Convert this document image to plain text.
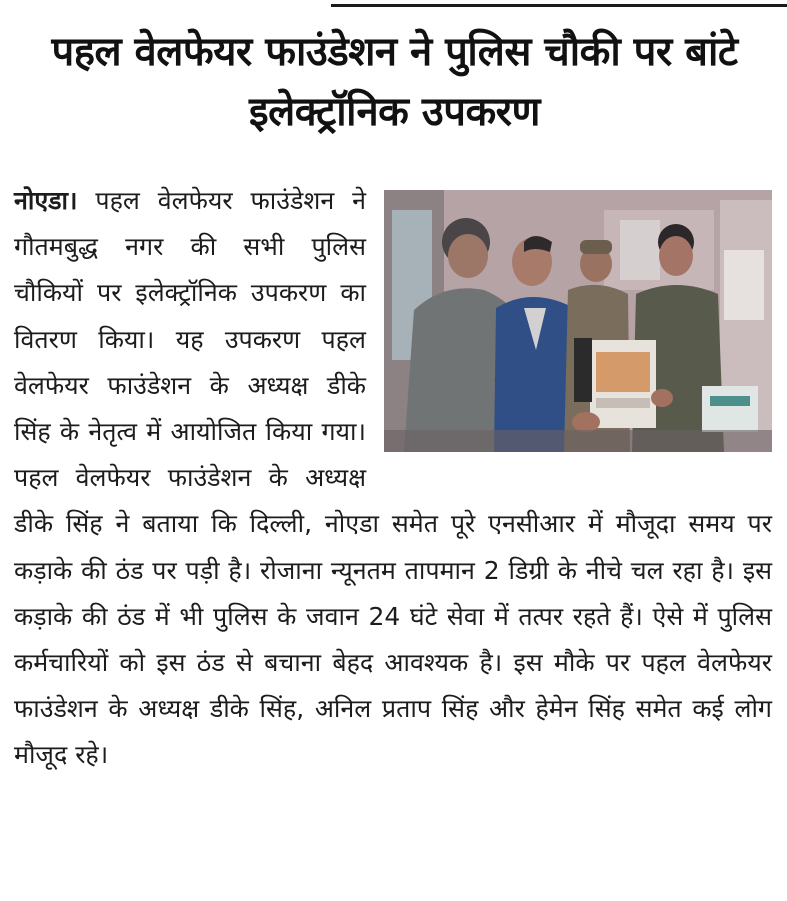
पहल वेलफेयर फाउंडेशन ने पुलिस चौकी पर बांटे इलेक्ट्रॉनिक उपकरण
नोएडा। पहल वेलफेयर फाउंडेशन ने गौतमबुद्ध नगर की सभी पुलिस चौकियों पर इलेक्ट्रॉनिक उपकरण का वितरण किया। यह उपकरण पहल वेलफेयर फाउंडेशन के अध्यक्ष डीके सिंह के नेतृत्व में आयोजित किया गया। पहल वेलफेयर फाउंडेशन के अध्यक्ष डीके सिंह ने बताया कि दिल्ली, नोएडा समेत पूरे एनसीआर में मौजूदा समय पर कड़ाके की ठंड पर पड़ी है। रोजाना न्यूनतम तापमान 2 डिग्री के नीचे चल रहा है। इस कड़ाके की ठंड में भी पुलिस के जवान 24 घंटे सेवा में तत्पर रहते हैं। ऐसे में पुलिस कर्मचारियों को इस ठंड से बचाना बेहद आवश्यक है। इस मौके पर पहल वेलफेयर फाउंडेशन के अध्यक्ष डीके सिंह, अनिल प्रताप सिंह और हेमेन सिंह समेत कई लोग मौजूद रहे।
